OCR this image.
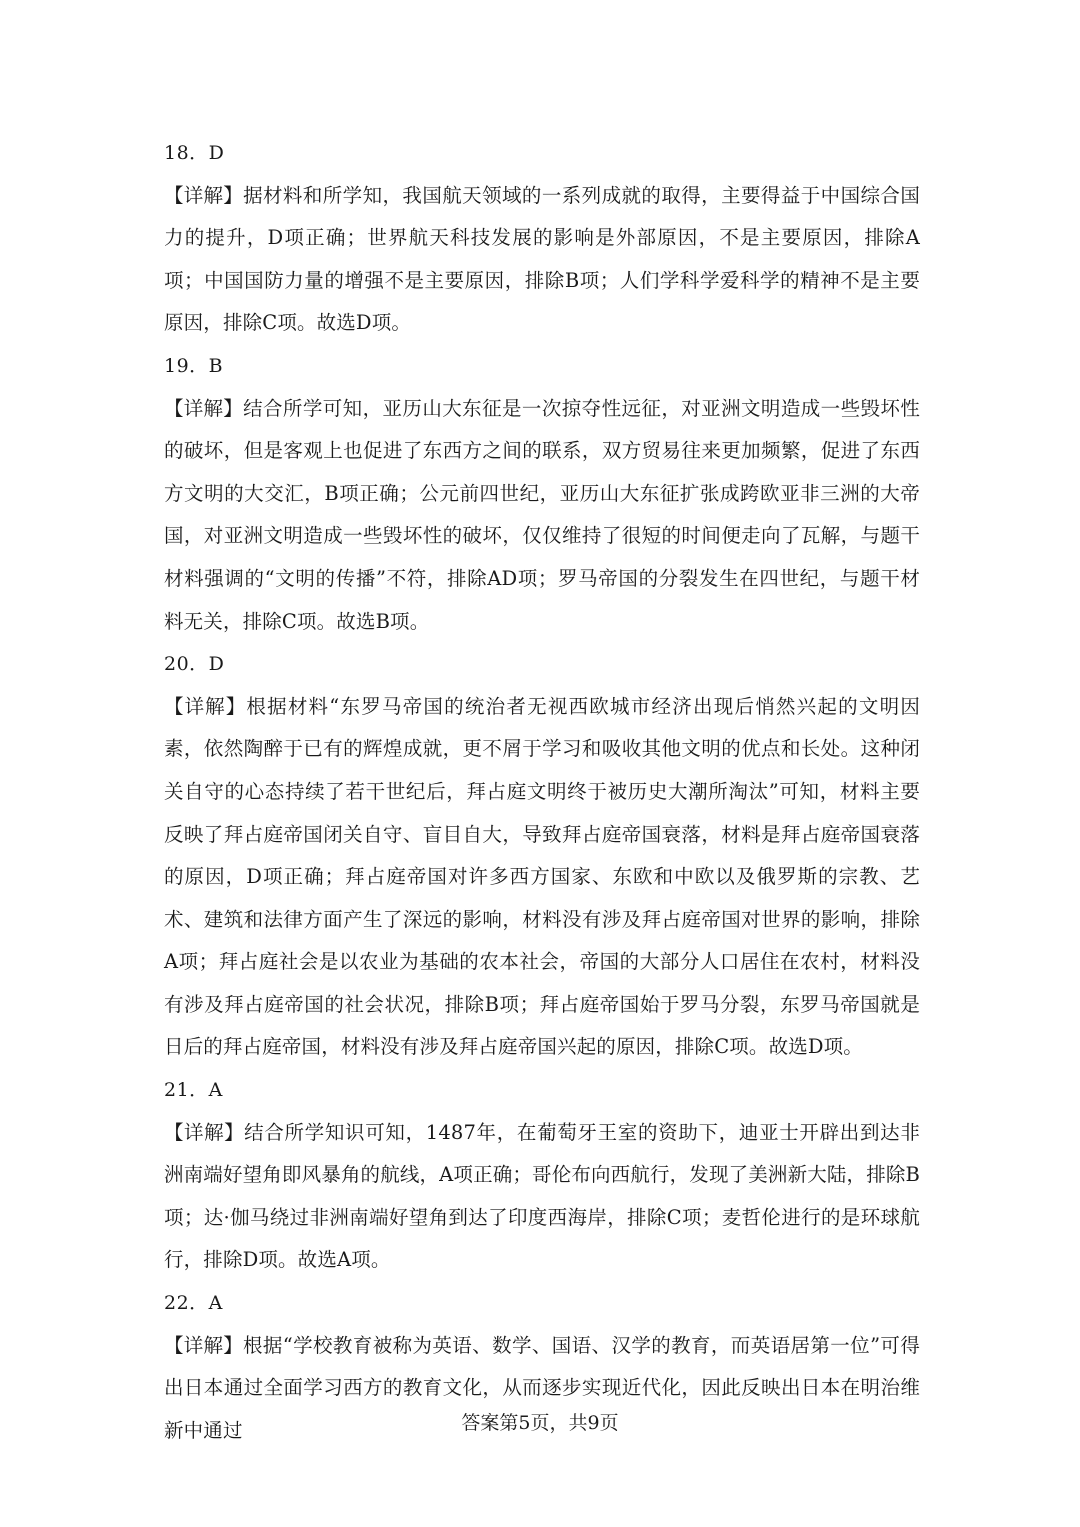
18．D
【详解】据材料和所学知，我国航天领域的一系列成就的取得，主要得益于中国综合国力的提升，D项正确；世界航天科技发展的影响是外部原因，不是主要原因，排除A项；中国国防力量的增强不是主要原因，排除B项；人们学科学爱科学的精神不是主要原因，排除C项。故选D项。
19．B
【详解】结合所学可知，亚历山大东征是一次掠夺性远征，对亚洲文明造成一些毁坏性的破坏，但是客观上也促进了东西方之间的联系，双方贸易往来更加频繁，促进了东西方文明的大交汇，B项正确；公元前四世纪，亚历山大东征扩张成跨欧亚非三洲的大帝国，对亚洲文明造成一些毁坏性的破坏，仅仅维持了很短的时间便走向了瓦解，与题干材料强调的“文明的传播”不符，排除AD项；罗马帝国的分裂发生在四世纪，与题干材料无关，排除C项。故选B项。
20．D
【详解】根据材料“东罗马帝国的统治者无视西欧城市经济出现后悄然兴起的文明因素，依然陶醉于已有的辉煌成就，更不屑于学习和吸收其他文明的优点和长处。这种闭关自守的心态持续了若干世纪后，拜占庭文明终于被历史大潮所淘汰”可知，材料主要反映了拜占庭帝国闭关自守、盲目自大，导致拜占庭帝国衰落，材料是拜占庭帝国衰落的原因，D项正确；拜占庭帝国对许多西方国家、东欧和中欧以及俄罗斯的宗教、艺术、建筑和法律方面产生了深远的影响，材料没有涉及拜占庭帝国对世界的影响，排除A项；拜占庭社会是以农业为基础的农本社会，帝国的大部分人口居住在农村，材料没有涉及拜占庭帝国的社会状况，排除B项；拜占庭帝国始于罗马分裂，东罗马帝国就是日后的拜占庭帝国，材料没有涉及拜占庭帝国兴起的原因，排除C项。故选D项。
21．A
【详解】结合所学知识可知，1487年，在葡萄牙王室的资助下，迪亚士开辟出到达非洲南端好望角即风暴角的航线，A项正确；哥伦布向西航行，发现了美洲新大陆，排除B项；达·伽马绕过非洲南端好望角到达了印度西海岸，排除C项；麦哲伦进行的是环球航行，排除D项。故选A项。
22．A
【详解】根据“学校教育被称为英语、数学、国语、汉学的教育，而英语居第一位”可得出日本通过全面学习西方的教育文化，从而逐步实现近代化，因此反映出日本在明治维新中通过	答案第5页，共9页
